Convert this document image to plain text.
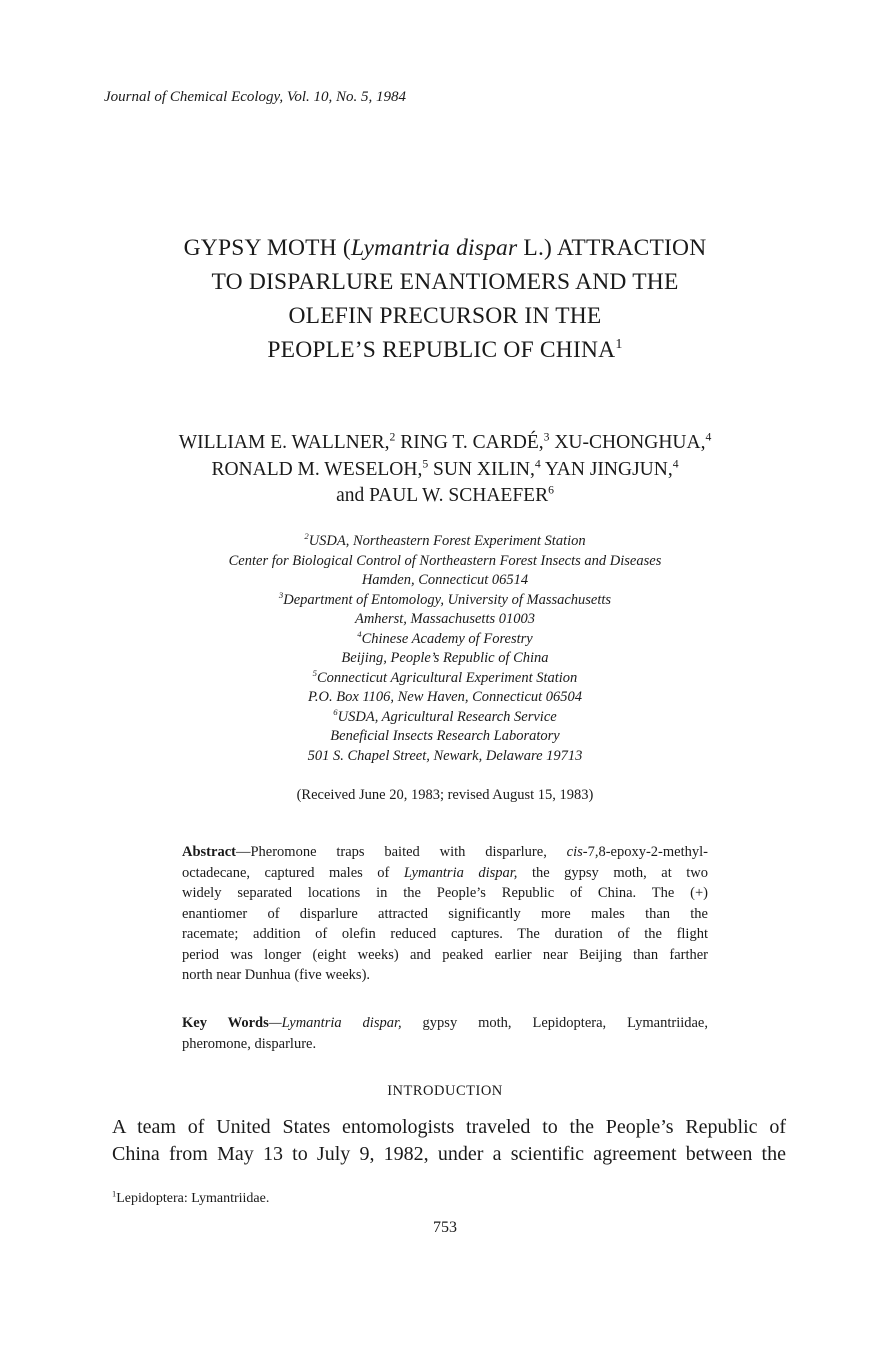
Journal of Chemical Ecology, Vol. 10, No. 5, 1984

GYPSY MOTH (Lymantria dispar L.) ATTRACTION
TO DISPARLURE ENANTIOMERS AND THE
OLEFIN PRECURSOR IN THE
PEOPLE’S REPUBLIC OF CHINA$^1$
WILLIAM E. WALLNER,$^2$ RING T. CARDÉ,$^3$ XU-CHONGHUA,$^4$
RONALD M. WESELOH,$^5$ SUN XILIN,$^4$ YAN JINGJUN,$^4$
and PAUL W. SCHAEFER$^6$
$^2$USDA, Northeastern Forest Experiment Station
Center for Biological Control of Northeastern Forest Insects and Diseases
Hamden, Connecticut 06514
$^3$Department of Entomology, University of Massachusetts
Amherst, Massachusetts 01003
$^4$Chinese Academy of Forestry
Beijing, People’s Republic of China
$^5$Connecticut Agricultural Experiment Station
P.O. Box 1106, New Haven, Connecticut 06504
$^6$USDA, Agricultural Research Service
Beneficial Insects Research Laboratory
501 S. Chapel Street, Newark, Delaware 19713

(Received June 20, 1983; revised August 15, 1983)

Abstract—Pheromone traps baited with disparlure, cis-7,8-epoxy-2-methyl-
octadecane, captured males of Lymantria dispar, the gypsy moth, at two
widely separated locations in the People’s Republic of China. The (+)
enantiomer of disparlure attracted significantly more males than the
racemate; addition of olefin reduced captures. The duration of the flight
period was longer (eight weeks) and peaked earlier near Beijing than farther
north near Dunhua (five weeks).
Key Words—Lymantria dispar, gypsy moth, Lepidoptera, Lymantriidae,
pheromone, disparlure.

INTRODUCTION

A team of United States entomologists traveled to the People’s Republic of
China from May 13 to July 9, 1982, under a scientific agreement between the

$^1$Lepidoptera: Lymantriidae.

753
